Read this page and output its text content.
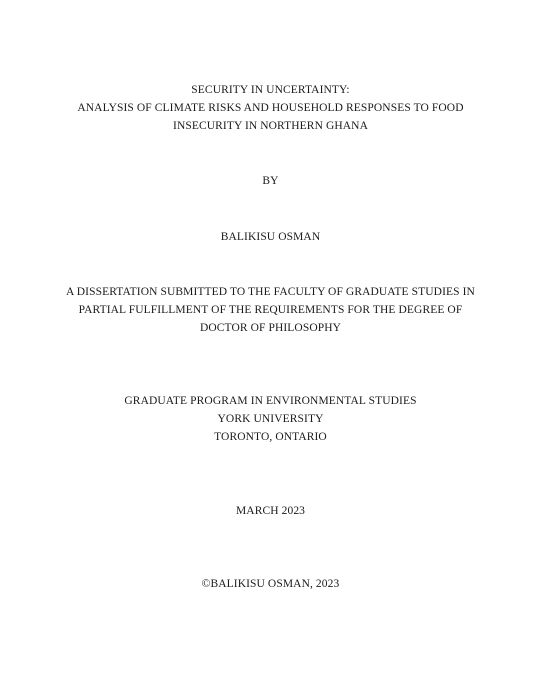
SECURITY IN UNCERTAINTY:
ANALYSIS OF CLIMATE RISKS AND HOUSEHOLD RESPONSES TO FOOD
INSECURITY IN NORTHERN GHANA
BY
BALIKISU OSMAN
A DISSERTATION SUBMITTED TO THE FACULTY OF GRADUATE STUDIES IN
PARTIAL FULFILLMENT OF THE REQUIREMENTS FOR THE DEGREE OF
DOCTOR OF PHILOSOPHY
GRADUATE PROGRAM IN ENVIRONMENTAL STUDIES
YORK UNIVERSITY
TORONTO, ONTARIO
MARCH 2023
©BALIKISU OSMAN, 2023
